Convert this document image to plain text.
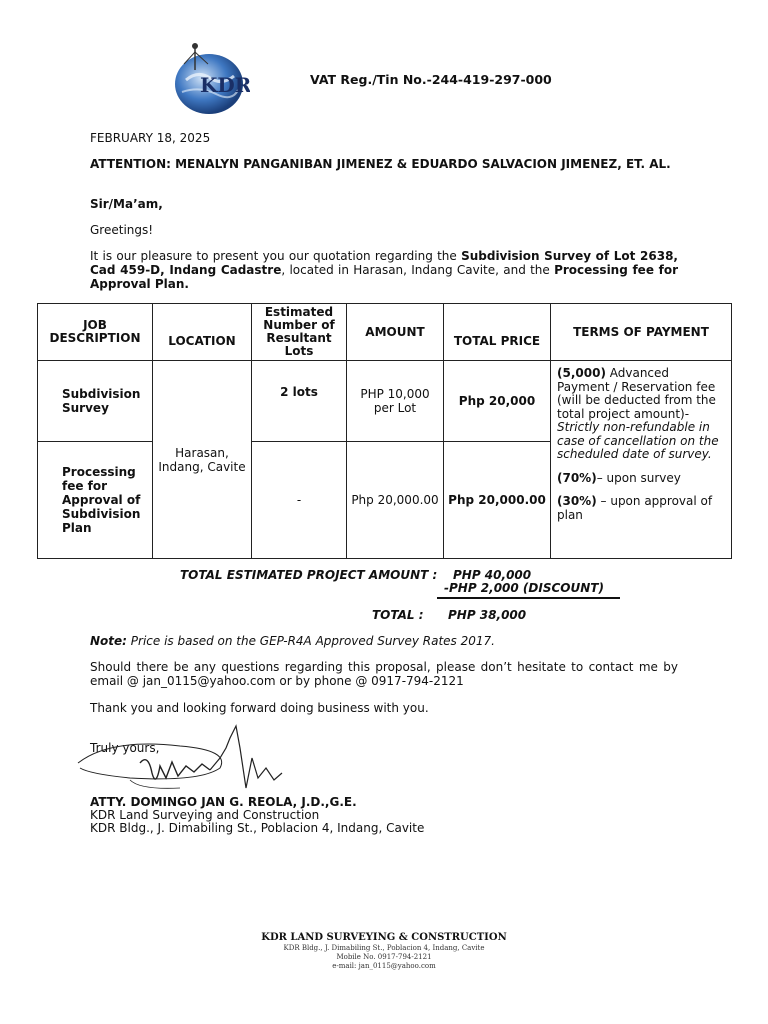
KDR	VAT Reg./Tin No.-244-419-297-000
FEBRUARY 18, 2025
ATTENTION: MENALYN PANGANIBAN JIMENEZ & EDUARDO SALVACION JIMENEZ, ET. AL.
Sir/Ma’am,
Greetings!
It is our pleasure to present you our quotation regarding the Subdivision Survey of Lot 2638, Cad 459-D, Indang Cadastre, located in Harasan, Indang Cavite, and the Processing fee for Approval Plan.
JOB DESCRIPTION	LOCATION	Estimated Number of Resultant Lots	AMOUNT	TOTAL PRICE	TERMS OF PAYMENT
Subdivision Survey	Harasan, Indang, Cavite	2 lots	PHP 10,000 per Lot	Php 20,000	(5,000) Advanced Payment / Reservation fee (will be deducted from the total project amount)- Strictly non-refundable in case of cancellation on the scheduled date of survey.

(70%)– upon survey

(30%) – upon approval of plan

Processing fee for Approval of Subdivision Plan		-	Php 20,000.00	Php 20,000.00	
TOTAL ESTIMATED PROJECT AMOUNT : PHP 40,000
-PHP 2,000 (DISCOUNT)
TOTAL : PHP 38,000
Note: Price is based on the GEP-R4A Approved Survey Rates 2017.
Should there be any questions regarding this proposal, please don’t hesitate to contact me by email @ jan_0115@yahoo.com or by phone @ 0917-794-2121
Thank you and looking forward doing business with you.
Truly yours,
ATTY. DOMINGO JAN G. REOLA, J.D.,G.E.
KDR Land Surveying and Construction
KDR Bldg., J. Dimabiling St., Poblacion 4, Indang, Cavite
KDR LAND SURVEYING & CONSTRUCTION
KDR Bldg., J. Dimabiling St., Poblacion 4, Indang, Cavite
Mobile No. 0917-794-2121
e-mail: jan_0115@yahoo.com
